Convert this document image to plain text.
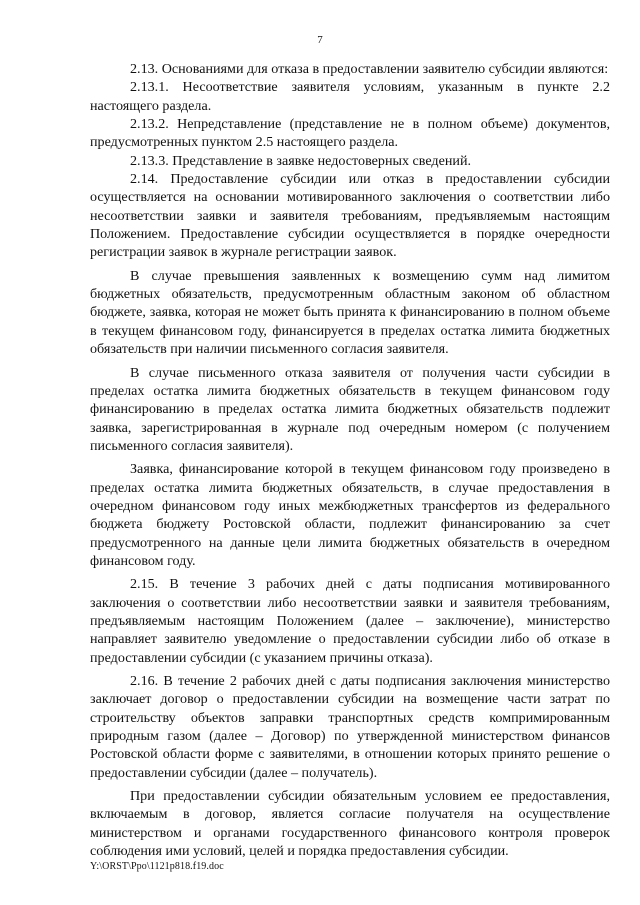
7

2.13. Основаниями для отказа в предоставлении заявителю субсидии являются:

2.13.1. Несоответствие заявителя условиям, указанным в пункте 2.2 настоящего раздела.

2.13.2. Непредставление (представление не в полном объеме) документов, предусмотренных пунктом 2.5 настоящего раздела.

2.13.3. Представление в заявке недостоверных сведений.

2.14. Предоставление субсидии или отказ в предоставлении субсидии осуществляется на основании мотивированного заключения о соответствии либо несоответствии заявки и заявителя требованиям, предъявляемым настоящим Положением. Предоставление субсидии осуществляется в порядке очередности регистрации заявок в журнале регистрации заявок.

В случае превышения заявленных к возмещению сумм над лимитом бюджетных обязательств, предусмотренным областным законом об областном бюджете, заявка, которая не может быть принята к финансированию в полном объеме в текущем финансовом году, финансируется в пределах остатка лимита бюджетных обязательств при наличии письменного согласия заявителя.

В случае письменного отказа заявителя от получения части субсидии в пределах остатка лимита бюджетных обязательств в текущем финансовом году финансированию в пределах остатка лимита бюджетных обязательств подлежит заявка, зарегистрированная в журнале под очередным номером (с получением письменного согласия заявителя).

Заявка, финансирование которой в текущем финансовом году произведено в пределах остатка лимита бюджетных обязательств, в случае предоставления в очередном финансовом году иных межбюджетных трансфертов из федерального бюджета бюджету Ростовской области, подлежит финансированию за счет предусмотренного на данные цели лимита бюджетных обязательств в очередном финансовом году.

2.15. В течение 3 рабочих дней с даты подписания мотивированного заключения о соответствии либо несоответствии заявки и заявителя требованиям, предъявляемым настоящим Положением (далее – заключение), министерство направляет заявителю уведомление о предоставлении субсидии либо об отказе в предоставлении субсидии (с указанием причины отказа).

2.16. В течение 2 рабочих дней с даты подписания заключения министерство заключает договор о предоставлении субсидии на возмещение части затрат по строительству объектов заправки транспортных средств компримированным природным газом (далее – Договор) по утвержденной министерством финансов Ростовской области форме с заявителями, в отношении которых принято решение о предоставлении субсидии (далее – получатель).

При предоставлении субсидии обязательным условием ее предоставления, включаемым в договор, является согласие получателя на осуществление министерством и органами государственного финансового контроля проверок соблюдения ими условий, целей и порядка предоставления субсидии.

Y:\ORST\Ppo\1121p818.f19.doc
